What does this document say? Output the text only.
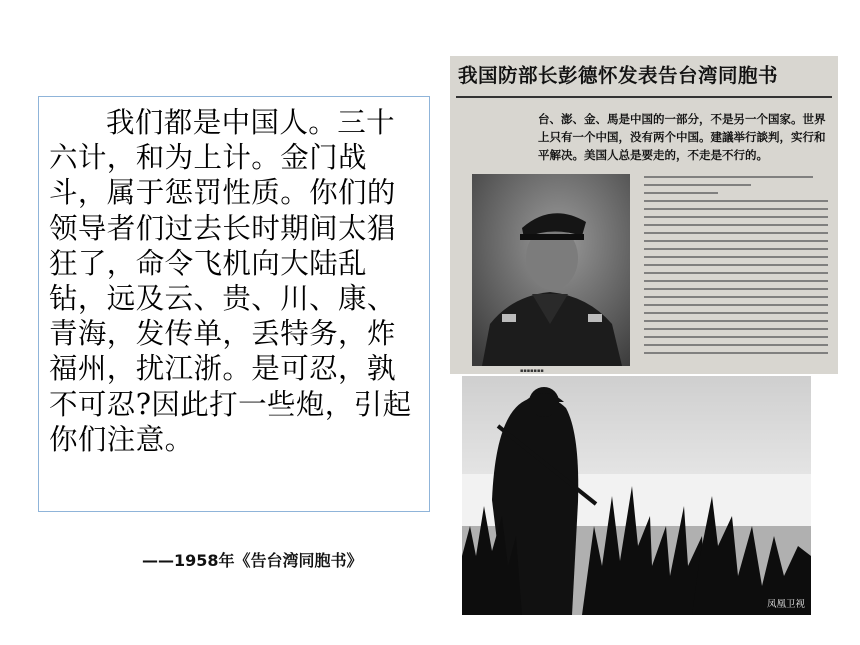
我们都是中国人。三十六计，和为上计。金门战斗，属于惩罚性质。你们的领导者们过去长时期间太猖狂了，命令飞机向大陆乱钻，远及云、贵、川、康、青海，发传单，丢特务，炸福州，扰江浙。是可忍，孰不可忍?因此打一些炮，引起你们注意。

——1958年《告台湾同胞书》
我国防部长彭德怀发表告台湾同胞书
台、澎、金、馬是中国的一部分，不是另一个国家。世界上只有一个中国，没有两个中国。建議举行談判，实行和平解决。美国人总是要走的，不走是不行的。
▪▪▪▪▪▪▪
凤凰卫视
